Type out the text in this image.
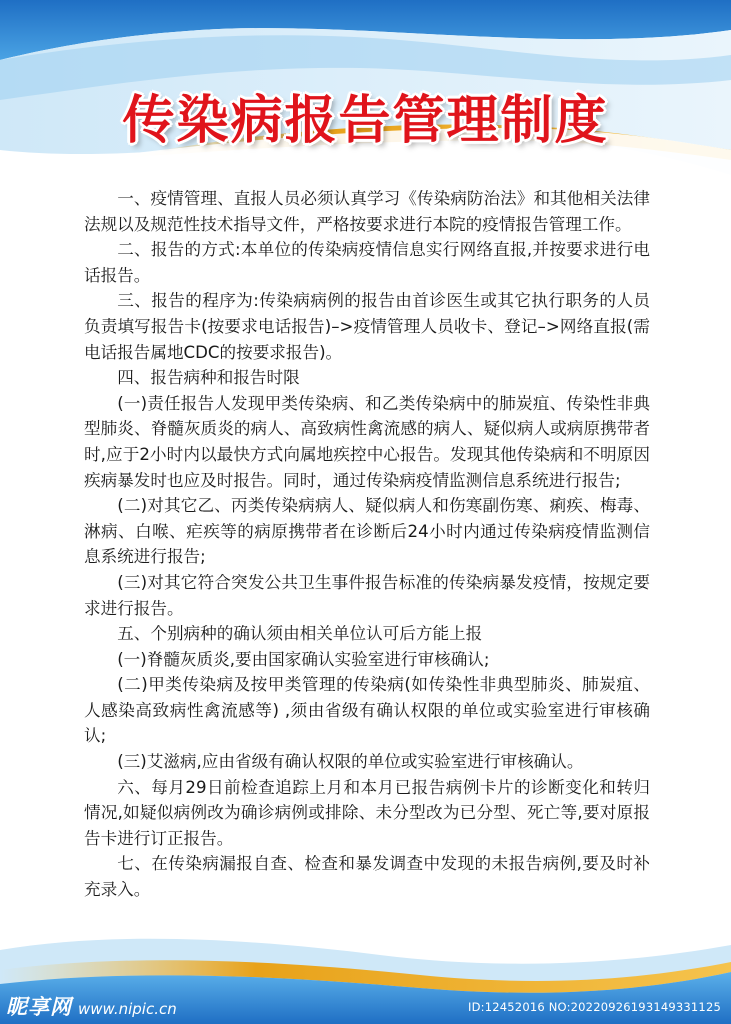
传染病报告管理制度

一、疫情管理、直报人员必须认真学习《传染病防治法》和其他相关法律法规以及规范性技术指导文件，严格按要求进行本院的疫情报告管理工作。

二、报告的方式:本单位的传染病疫情信息实行网络直报,并按要求进行电话报告。

三、报告的程序为:传染病病例的报告由首诊医生或其它执行职务的人员负责填写报告卡(按要求电话报告)–>疫情管理人员收卡、登记–>网络直报(需电话报告属地CDC的按要求报告)。

四、报告病种和报告时限

(一)责任报告人发现甲类传染病、和乙类传染病中的肺炭疽、传染性非典型肺炎、脊髓灰质炎的病人、高致病性禽流感的病人、疑似病人或病原携带者时,应于2小时内以最快方式向属地疾控中心报告。发现其他传染病和不明原因疾病暴发时也应及时报告。同时，通过传染病疫情监测信息系统进行报告;

(二)对其它乙、丙类传染病病人、疑似病人和伤寒副伤寒、痢疾、梅毒、淋病、白喉、疟疾等的病原携带者在诊断后24小时内通过传染病疫情监测信息系统进行报告;

(三)对其它符合突发公共卫生事件报告标准的传染病暴发疫情，按规定要求进行报告。

五、个别病种的确认须由相关单位认可后方能上报

(一)脊髓灰质炎,要由国家确认实验室进行审核确认;

(二)甲类传染病及按甲类管理的传染病(如传染性非典型肺炎、肺炭疽、人感染高致病性禽流感等) ,须由省级有确认权限的单位或实验室进行审核确认;

(三)艾滋病,应由省级有确认权限的单位或实验室进行审核确认。

六、每月29日前检查追踪上月和本月已报告病例卡片的诊断变化和转归情况,如疑似病例改为确诊病例或排除、未分型改为已分型、死亡等,要对原报告卡进行订正报告。

七、在传染病漏报自查、检查和暴发调查中发现的未报告病例,要及时补充录入。

昵享网 www.nipic.cn	ID:12452016 NO:20220926193149331125
